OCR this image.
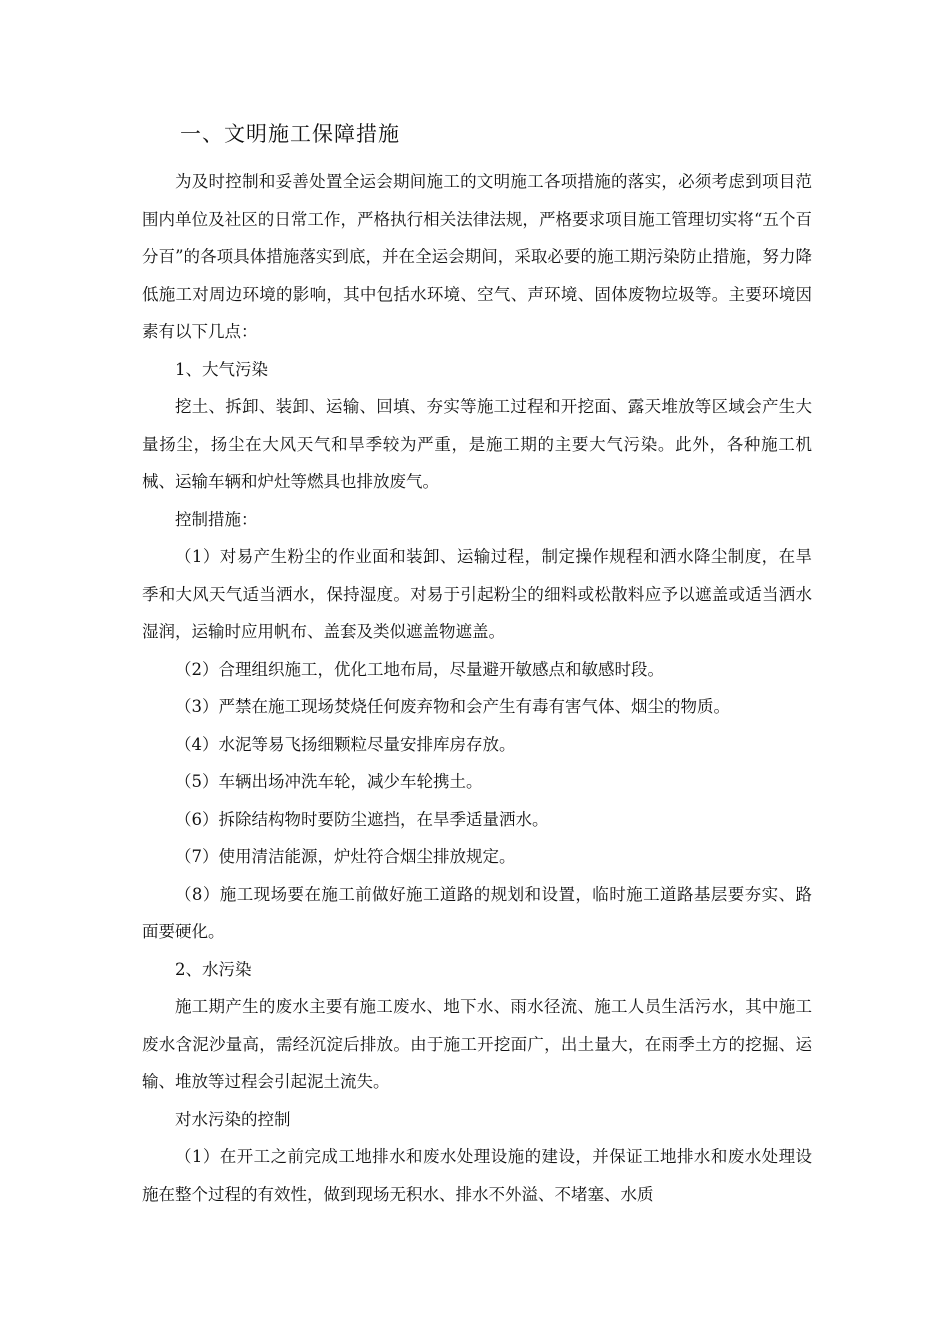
一、文明施工保障措施

为及时控制和妥善处置全运会期间施工的文明施工各项措施的落实，必须考虑到项目范围内单位及社区的日常工作，严格执行相关法律法规，严格要求项目施工管理切实将“五个百分百”的各项具体措施落实到底，并在全运会期间，采取必要的施工期污染防止措施，努力降低施工对周边环境的影响，其中包括水环境、空气、声环境、固体废物垃圾等。主要环境因素有以下几点：

1、大气污染

挖土、拆卸、装卸、运输、回填、夯实等施工过程和开挖面、露天堆放等区域会产生大量扬尘，扬尘在大风天气和旱季较为严重，是施工期的主要大气污染。此外，各种施工机械、运输车辆和炉灶等燃具也排放废气。

控制措施：

（1）对易产生粉尘的作业面和装卸、运输过程，制定操作规程和洒水降尘制度，在旱季和大风天气适当洒水，保持湿度。对易于引起粉尘的细料或松散料应予以遮盖或适当洒水湿润，运输时应用帆布、盖套及类似遮盖物遮盖。

（2）合理组织施工，优化工地布局，尽量避开敏感点和敏感时段。

（3）严禁在施工现场焚烧任何废弃物和会产生有毒有害气体、烟尘的物质。

（4）水泥等易飞扬细颗粒尽量安排库房存放。

（5）车辆出场冲洗车轮，减少车轮携土。

（6）拆除结构物时要防尘遮挡，在旱季适量洒水。

（7）使用清洁能源，炉灶符合烟尘排放规定。

（8）施工现场要在施工前做好施工道路的规划和设置，临时施工道路基层要夯实、路面要硬化。

2、水污染

施工期产生的废水主要有施工废水、地下水、雨水径流、施工人员生活污水，其中施工废水含泥沙量高，需经沉淀后排放。由于施工开挖面广，出土量大，在雨季土方的挖掘、运输、堆放等过程会引起泥土流失。

对水污染的控制

（1）在开工之前完成工地排水和废水处理设施的建设，并保证工地排水和废水处理设施在整个过程的有效性，做到现场无积水、排水不外溢、不堵塞、水质
